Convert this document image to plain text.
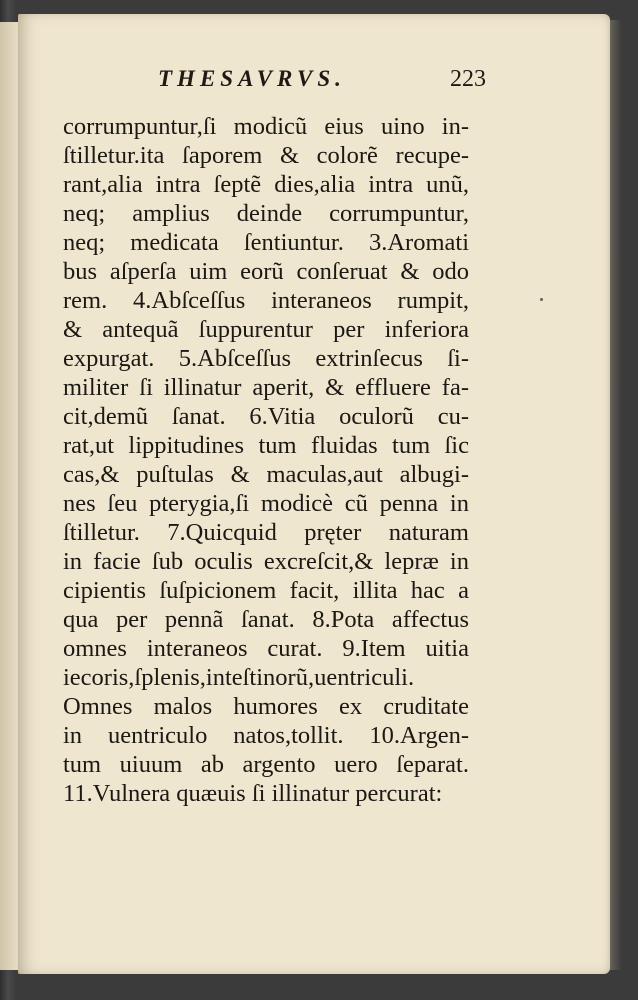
THESAVRVS.	223
corrumpuntur,ſi modicũ eius uino in-
ſtilletur.ita ſaporem & colorẽ recupe-
rant,alia intra ſeptẽ dies,alia intra unũ,
neq; amplius deinde corrumpuntur,
neq; medicata ſentiuntur. 3.Aromati
bus aſperſa uim eorũ conſeruat & odo
rem. 4.Abſceſſus interaneos rumpit,
& antequã ſuppurentur per inferiora
expurgat. 5.Abſceſſus extrinſecus ſi-
militer ſi illinatur aperit, & effluere fa-
cit,demũ ſanat. 6.Vitia oculorũ cu-
rat,ut lippitudines tum fluidas tum ſic
cas,& puſtulas & maculas,aut albugi-
nes ſeu pterygia,ſi modicè cũ penna in
ſtilletur. 7.Quicquid pręter naturam
in facie ſub oculis excreſcit,& lepræ in
cipientis ſuſpicionem facit, illita hac a
qua per pennã ſanat. 8.Pota affectus
omnes interaneos curat. 9.Item uitia
iecoris,ſplenis,inteſtinorũ,uentriculi.
Omnes malos humores ex cruditate
in uentriculo natos,tollit. 10.Argen-
tum uiuum ab argento uero ſeparat.
11.Vulnera quæuis ſi illinatur percurat:
